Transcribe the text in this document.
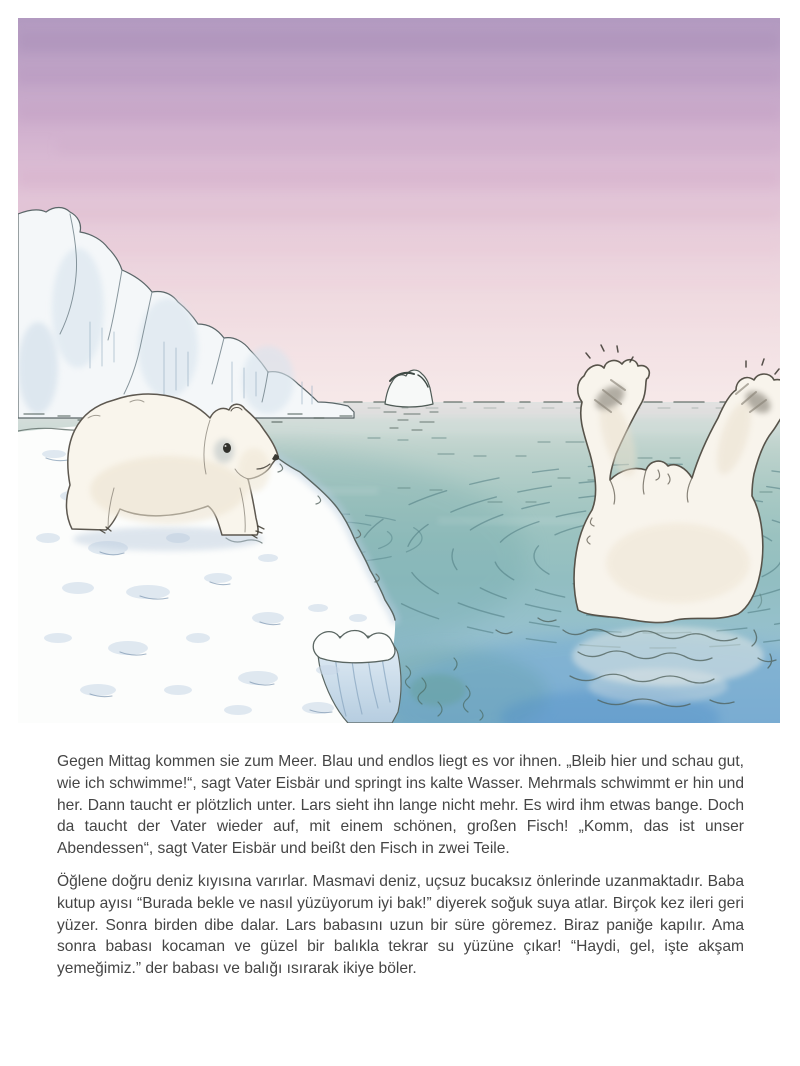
Gegen Mittag kommen sie zum Meer. Blau und endlos liegt es vor ihnen. „Bleib hier und schau gut, wie ich schwimme!“, sagt Vater Eisbär und springt ins kalte Wasser. Mehrmals schwimmt er hin und her. Dann taucht er plötzlich unter. Lars sieht ihn lange nicht mehr. Es wird ihm etwas bange. Doch da taucht der Vater wieder auf, mit einem schönen, großen Fisch! „Komm, das ist unser Abendessen“, sagt Vater Eisbär und beißt den Fisch in zwei Teile.

Öğlene doğru deniz kıyısına varırlar. Masmavi deniz, uçsuz bucaksız önlerinde uzanmaktadır. Baba kutup ayısı “Burada bekle ve nasıl yüzüyorum iyi bak!” diyerek soğuk suya atlar. Birçok kez ileri geri yüzer. Sonra birden dibe dalar. Lars babasını uzun bir süre göremez. Biraz paniğe kapılır. Ama sonra babası kocaman ve güzel bir balıkla tekrar su yüzüne çıkar! “Haydi, gel, işte akşam yemeğimiz.” der babası ve balığı ısırarak ikiye böler.
